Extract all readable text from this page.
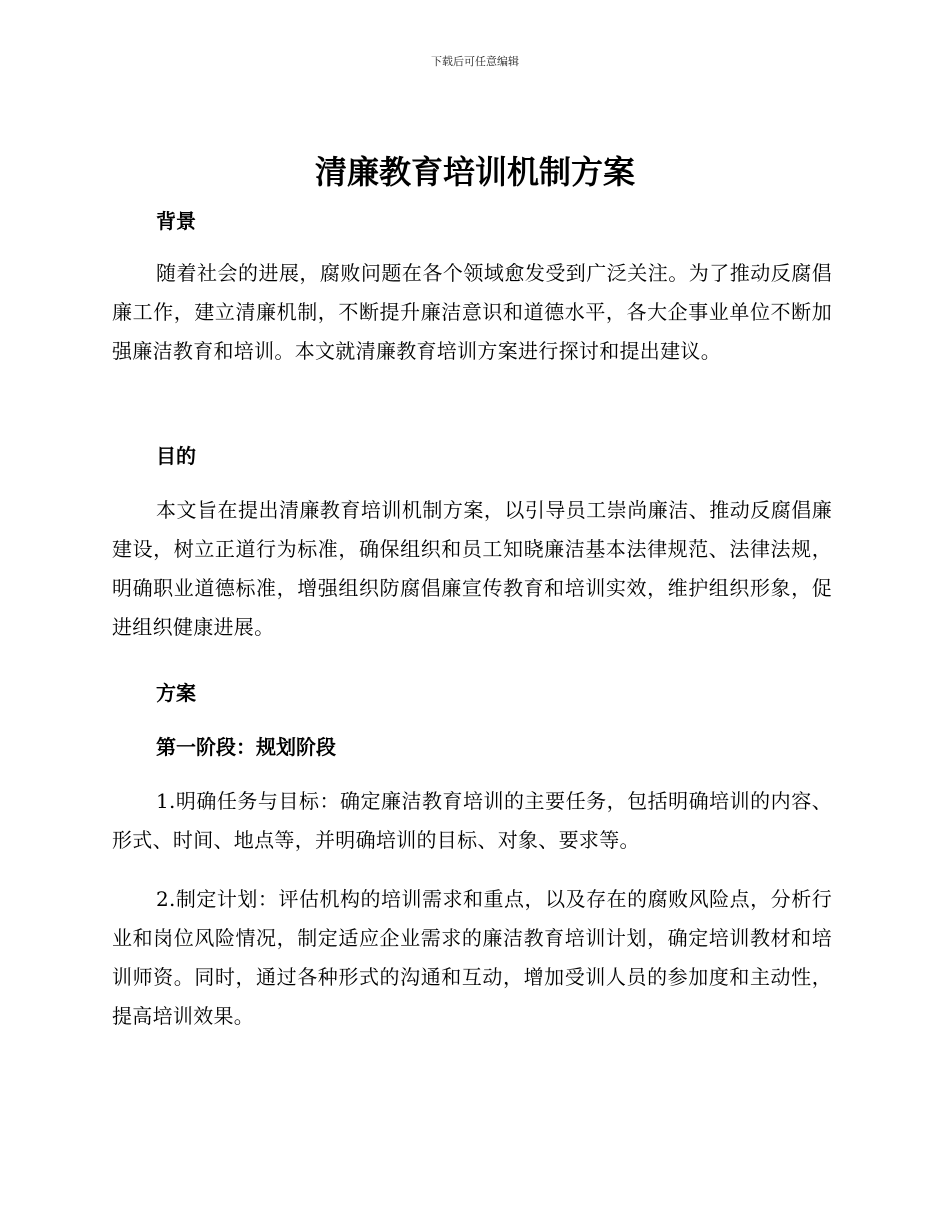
下载后可任意编辑
清廉教育培训机制方案
背景

随着社会的进展，腐败问题在各个领域愈发受到广泛关注。为了推动反腐倡廉工作，建立清廉机制，不断提升廉洁意识和道德水平，各大企事业单位不断加强廉洁教育和培训。本文就清廉教育培训方案进行探讨和提出建议。

目的

本文旨在提出清廉教育培训机制方案，以引导员工崇尚廉洁、推动反腐倡廉建设，树立正道行为标准，确保组织和员工知晓廉洁基本法律规范、法律法规，明确职业道德标准，增强组织防腐倡廉宣传教育和培训实效，维护组织形象，促进组织健康进展。

方案
第一阶段：规划阶段

1.明确任务与目标：确定廉洁教育培训的主要任务，包括明确培训的内容、形式、时间、地点等，并明确培训的目标、对象、要求等。

2.制定计划：评估机构的培训需求和重点，以及存在的腐败风险点，分析行业和岗位风险情况，制定适应企业需求的廉洁教育培训计划，确定培训教材和培训师资。同时，通过各种形式的沟通和互动，增加受训人员的参加度和主动性，提高培训效果。
